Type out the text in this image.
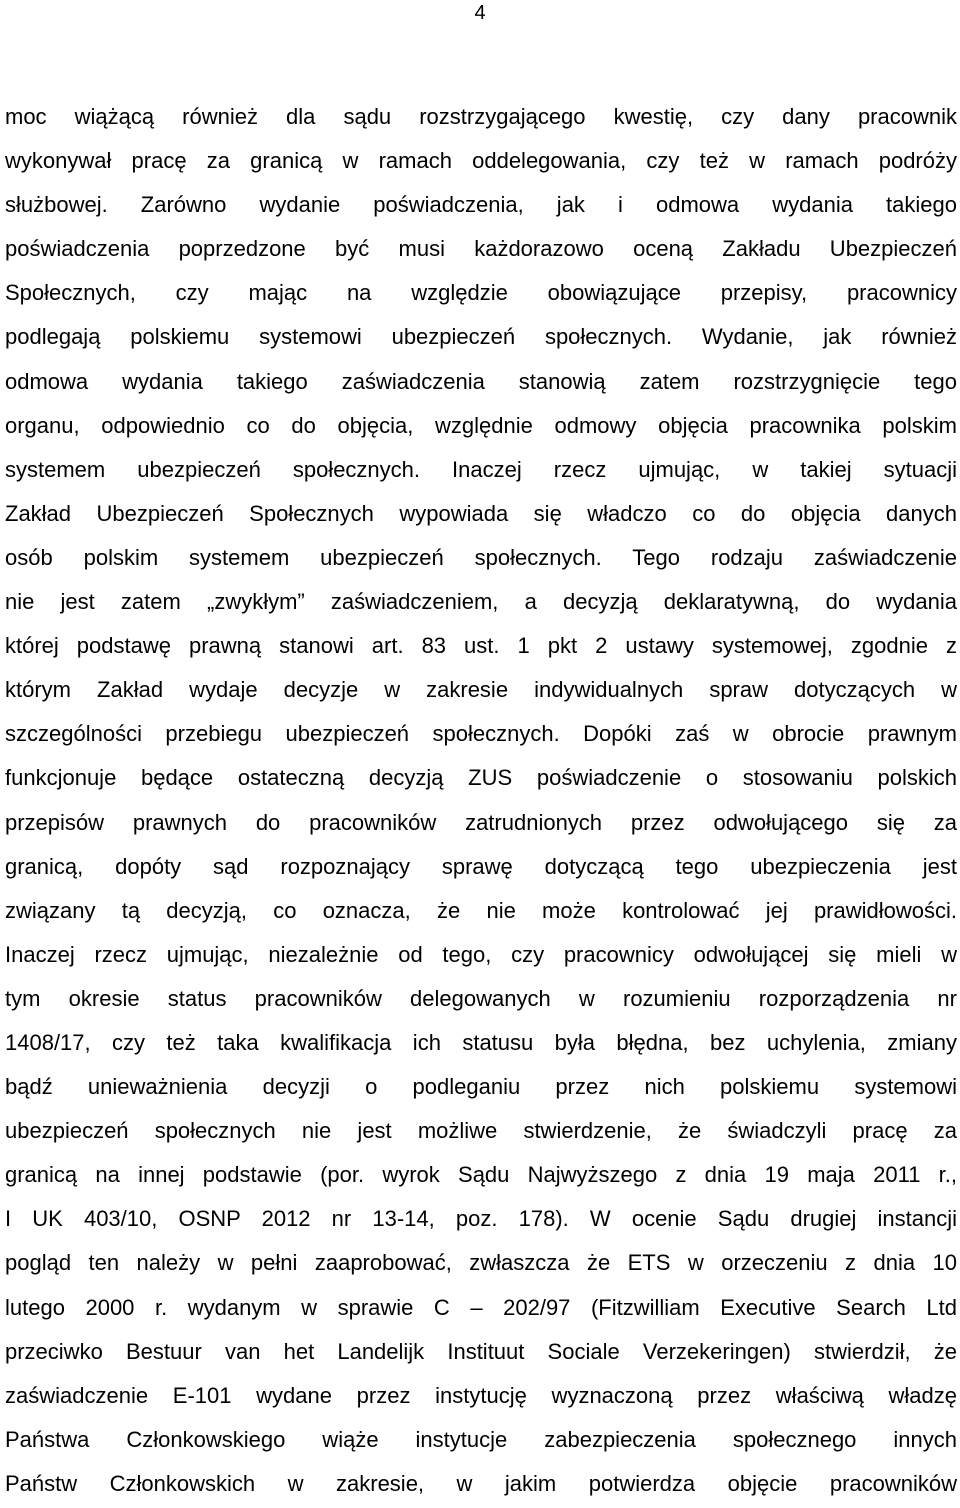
4
moc wiążącą również dla sądu rozstrzygającego kwestię, czy dany pracownik
wykonywał pracę za granicą w ramach oddelegowania, czy też w ramach podróży
służbowej. Zarówno wydanie poświadczenia, jak i odmowa wydania takiego
poświadczenia poprzedzone być musi każdorazowo oceną Zakładu Ubezpieczeń
Społecznych, czy mając na względzie obowiązujące przepisy, pracownicy
podlegają polskiemu systemowi ubezpieczeń społecznych. Wydanie, jak również
odmowa wydania takiego zaświadczenia stanowią zatem rozstrzygnięcie tego
organu, odpowiednio co do objęcia, względnie odmowy objęcia pracownika polskim
systemem ubezpieczeń społecznych. Inaczej rzecz ujmując, w takiej sytuacji
Zakład Ubezpieczeń Społecznych wypowiada się władczo co do objęcia danych
osób polskim systemem ubezpieczeń społecznych. Tego rodzaju zaświadczenie
nie jest zatem „zwykłym” zaświadczeniem, a decyzją deklaratywną, do wydania
której podstawę prawną stanowi art. 83 ust. 1 pkt 2 ustawy systemowej, zgodnie z
którym Zakład wydaje decyzje w zakresie indywidualnych spraw dotyczących w
szczególności przebiegu ubezpieczeń społecznych. Dopóki zaś w obrocie prawnym
funkcjonuje będące ostateczną decyzją ZUS poświadczenie o stosowaniu polskich
przepisów prawnych do pracowników zatrudnionych przez odwołującego się za
granicą, dopóty sąd rozpoznający sprawę dotyczącą tego ubezpieczenia jest
związany tą decyzją, co oznacza, że nie może kontrolować jej prawidłowości.
Inaczej rzecz ujmując, niezależnie od tego, czy pracownicy odwołującej się mieli w
tym okresie status pracowników delegowanych w rozumieniu rozporządzenia nr
1408/17, czy też taka kwalifikacja ich statusu była błędna, bez uchylenia, zmiany
bądź unieważnienia decyzji o podleganiu przez nich polskiemu systemowi
ubezpieczeń społecznych nie jest możliwe stwierdzenie, że świadczyli pracę za
granicą na innej podstawie (por. wyrok Sądu Najwyższego z dnia 19 maja 2011 r.,
I UK 403/10, OSNP 2012 nr 13-14, poz. 178). W ocenie Sądu drugiej instancji
pogląd ten należy w pełni zaaprobować, zwłaszcza że ETS w orzeczeniu z dnia 10
lutego 2000 r. wydanym w sprawie C – 202/97 (Fitzwilliam Executive Search Ltd
przeciwko Bestuur van het Landelijk Instituut Sociale Verzekeringen) stwierdził, że
zaświadczenie E-101 wydane przez instytucję wyznaczoną przez właściwą władzę
Państwa Członkowskiego wiąże instytucje zabezpieczenia społecznego innych
Państw Członkowskich w zakresie, w jakim potwierdza objęcie pracowników
